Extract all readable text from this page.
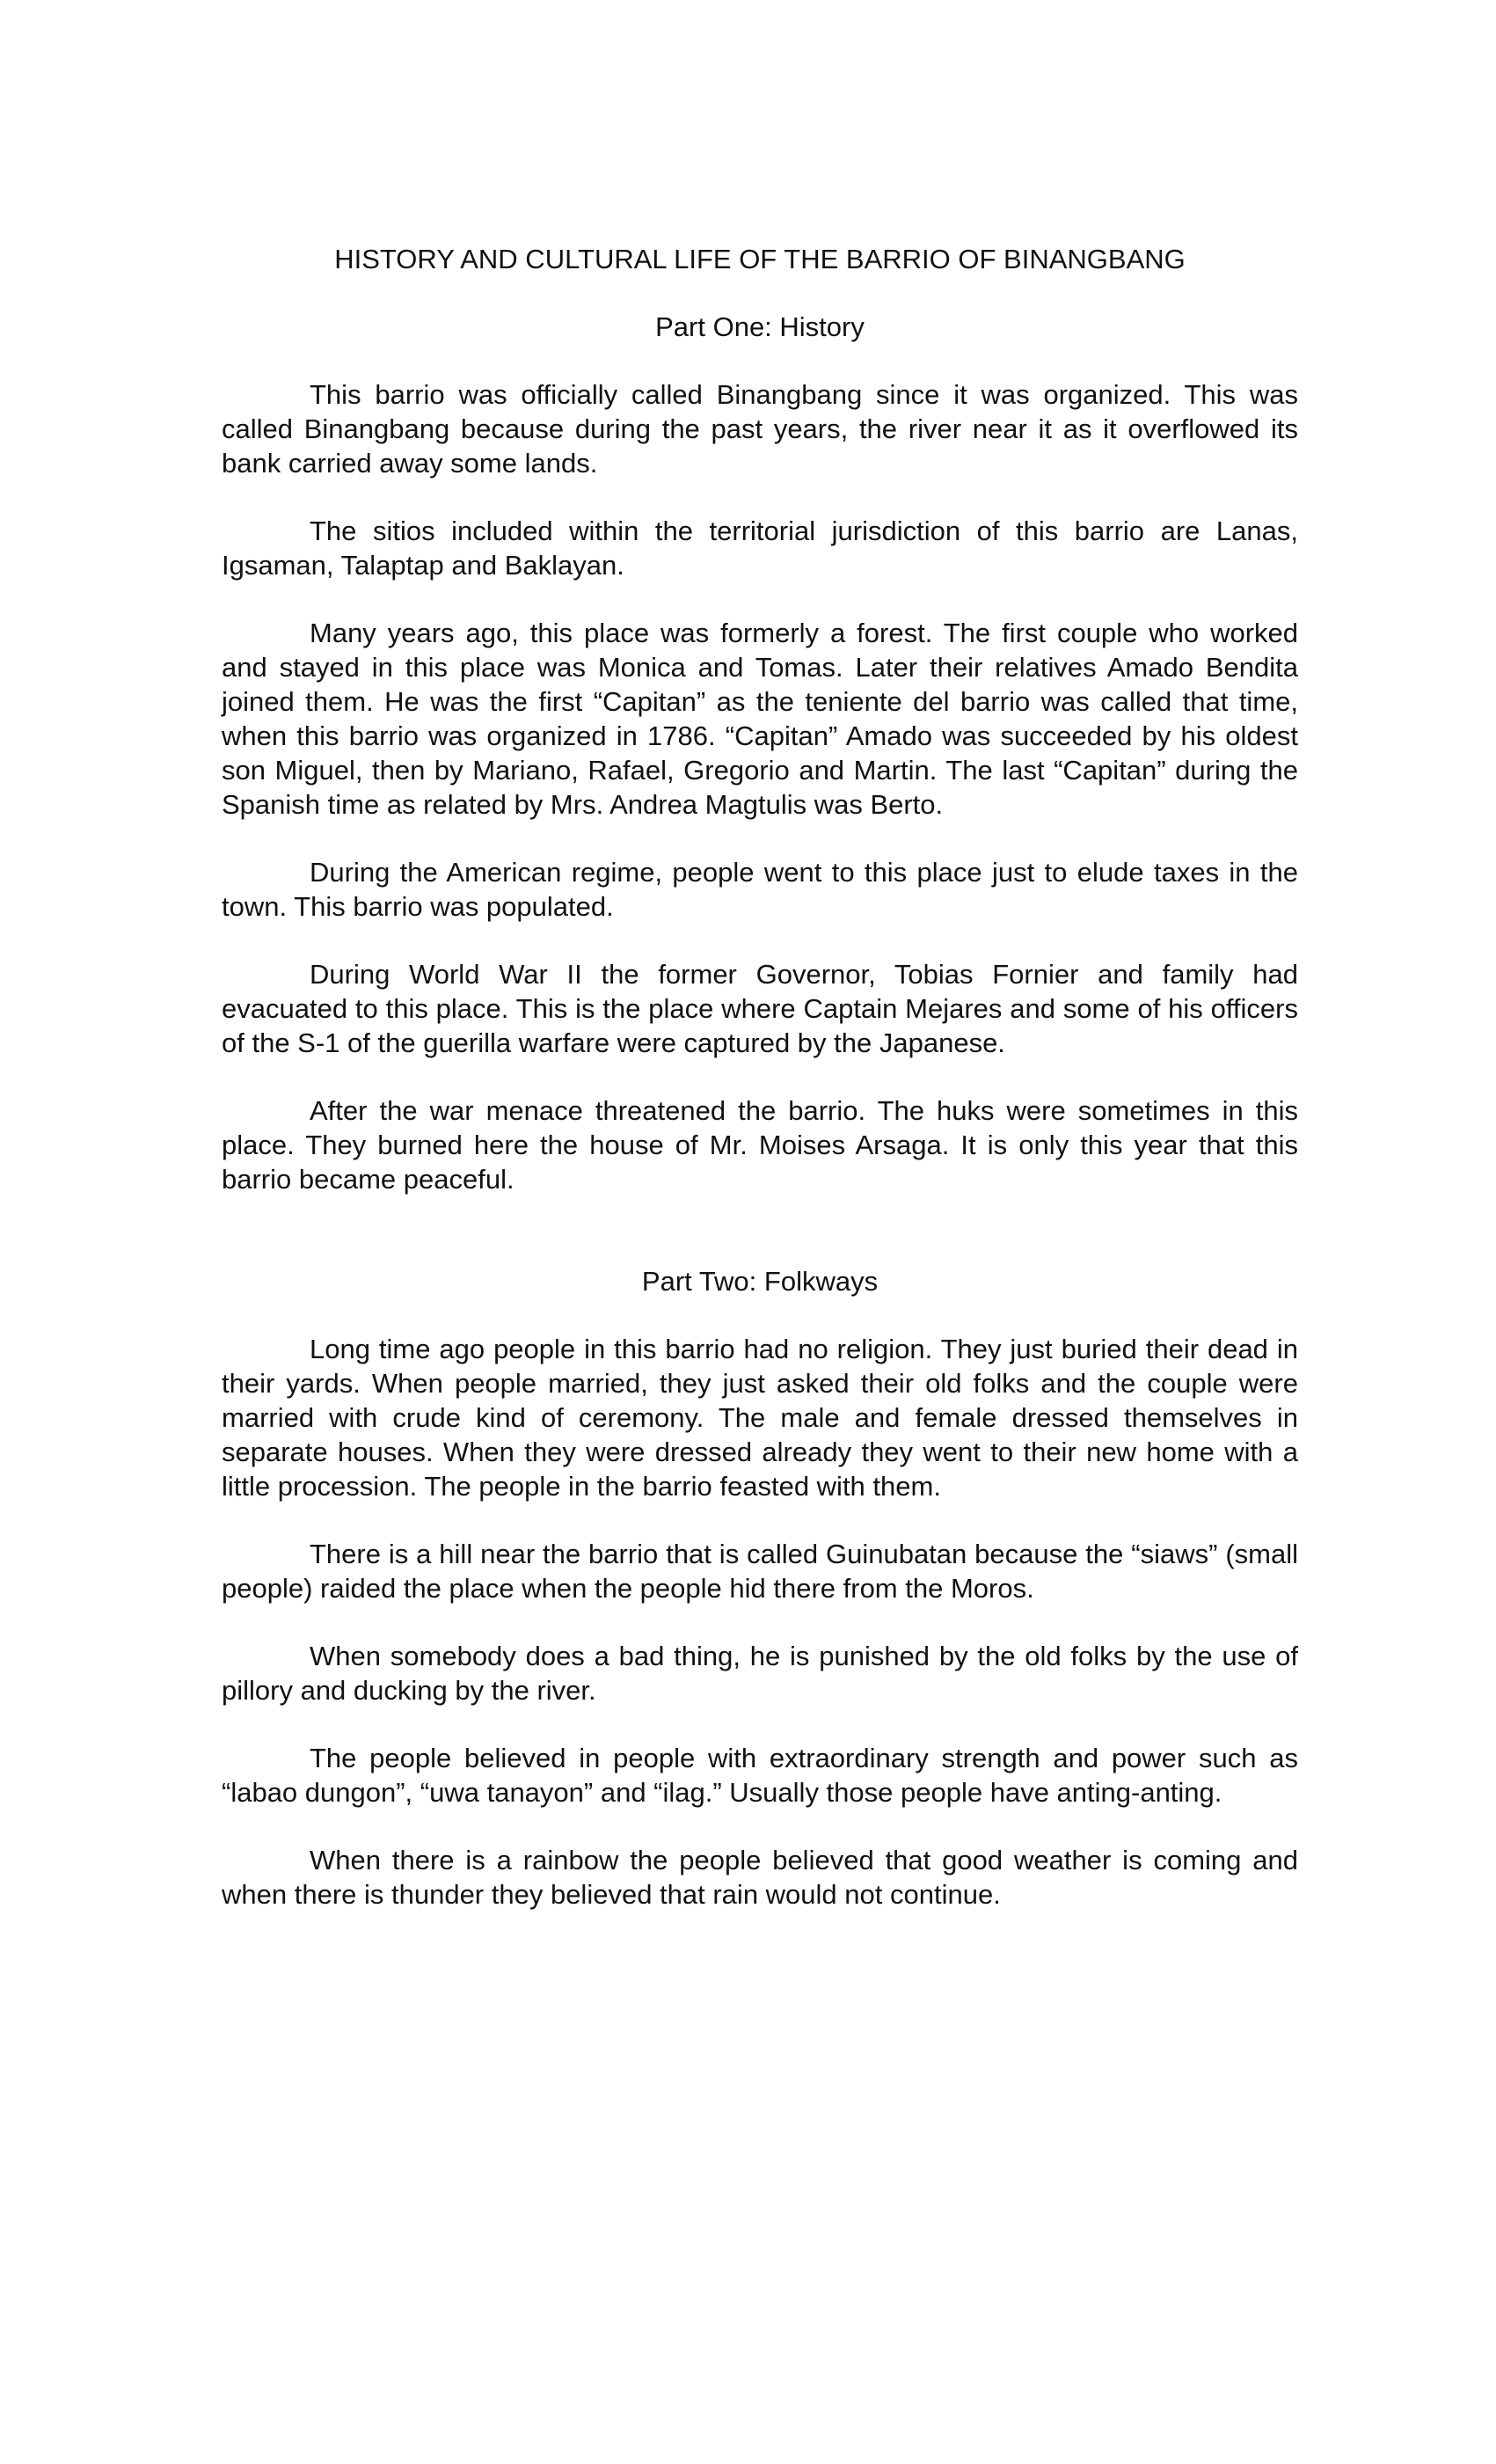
HISTORY AND CULTURAL LIFE OF THE BARRIO OF BINANGBANG

Part One: History

This barrio was officially called Binangbang since it was organized. This was called Binangbang because during the past years, the river near it as it overflowed its bank carried away some lands.

The sitios included within the territorial jurisdiction of this barrio are Lanas, Igsaman, Talaptap and Baklayan.

Many years ago, this place was formerly a forest. The first couple who worked and stayed in this place was Monica and Tomas. Later their relatives Amado Bendita joined them. He was the first “Capitan” as the teniente del barrio was called that time, when this barrio was organized in 1786. “Capitan” Amado was succeeded by his oldest son Miguel, then by Mariano, Rafael, Gregorio and Martin. The last “Capitan” during the Spanish time as related by Mrs. Andrea Magtulis was Berto.

During the American regime, people went to this place just to elude taxes in the town. This barrio was populated.

During World War II the former Governor, Tobias Fornier and family had evacuated to this place. This is the place where Captain Mejares and some of his officers of the S-1 of the guerilla warfare were captured by the Japanese.

After the war menace threatened the barrio. The huks were sometimes in this place. They burned here the house of Mr. Moises Arsaga. It is only this year that this barrio became peaceful.

Part Two: Folkways

Long time ago people in this barrio had no religion. They just buried their dead in their yards. When people married, they just asked their old folks and the couple were married with crude kind of ceremony. The male and female dressed themselves in separate houses. When they were dressed already they went to their new home with a little procession. The people in the barrio feasted with them.

There is a hill near the barrio that is called Guinubatan because the “siaws” (small people) raided the place when the people hid there from the Moros.

When somebody does a bad thing, he is punished by the old folks by the use of pillory and ducking by the river.

The people believed in people with extraordinary strength and power such as “labao dungon”, “uwa tanayon” and “ilag.” Usually those people have anting-anting.

When there is a rainbow the people believed that good weather is coming and when there is thunder they believed that rain would not continue.
